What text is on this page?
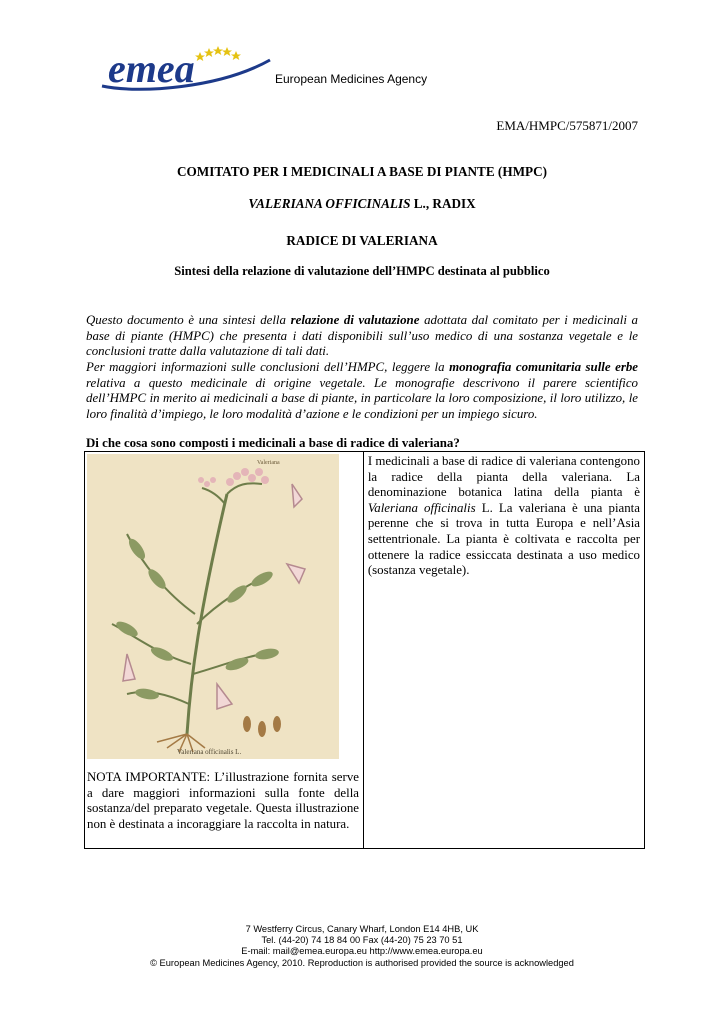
emea	European Medicines Agency
EMA/HMPC/575871/2007
COMITATO PER I MEDICINALI A BASE DI PIANTE (HMPC)
VALERIANA OFFICINALIS L., RADIX
RADICE DI VALERIANA
Sintesi della relazione di valutazione dell’HMPC destinata al pubblico
Questo documento è una sintesi della relazione di valutazione adottata dal comitato per i medicinali a base di piante (HMPC) che presenta i dati disponibili sull’uso medico di una sostanza vegetale e le conclusioni tratte dalla valutazione di tali dati.
Per maggiori informazioni sulle conclusioni dell’HMPC, leggere la monografia comunitaria sulle erbe relativa a questo medicinale di origine vegetale. Le monografie descrivono il parere scientifico dell’HMPC in merito ai medicinali a base di piante, in particolare la loro composizione, il loro utilizzo, le loro finalità d’impiego, le loro modalità d’azione e le condizioni per un impiego sicuro.
Di che cosa sono composti i medicinali a base di radice di valeriana?
Valeriana
Valeriana officinalis L.
NOTA IMPORTANTE: L’illustrazione fornita serve a dare maggiori informazioni sulla fonte della sostanza/del preparato vegetale. Questa illustrazione non è destinata a incoraggiare la raccolta in natura.

I medicinali a base di radice di valeriana contengono la radice della pianta della valeriana. La denominazione botanica latina della pianta è Valeriana officinalis L. La valeriana è una pianta perenne che si trova in tutta Europa e nell’Asia settentrionale. La pianta è coltivata e raccolta per ottenere la radice essiccata destinata a uso medico (sostanza vegetale).
7 Westferry Circus, Canary Wharf, London E14 4HB, UK
Tel. (44-20) 74 18 84 00 Fax (44-20) 75 23 70 51
E-mail: mail@emea.europa.eu http://www.emea.europa.eu
© European Medicines Agency, 2010. Reproduction is authorised provided the source is acknowledged
